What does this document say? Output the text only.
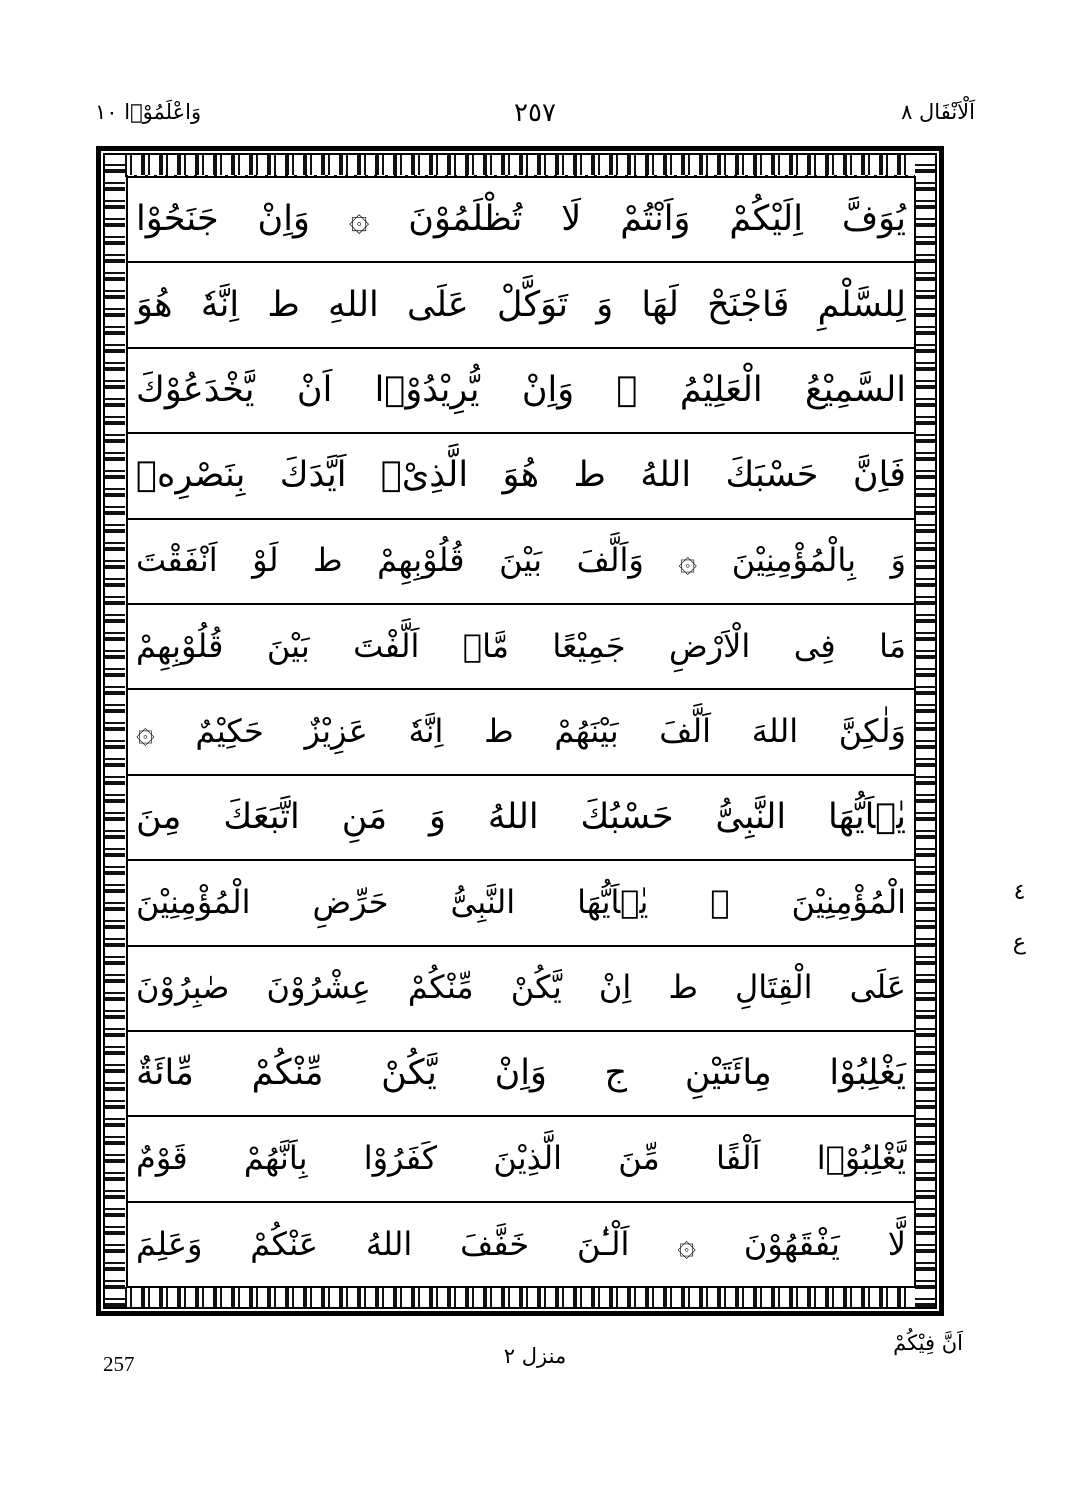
اَلْاَنْفَال ٨
٢٥٧
وَاعْلَمُوْۤا ١٠
يُوَفَّ اِلَيْكُمْ وَاَنْتُمْ لَا تُظْلَمُوْنَ ۞ وَاِنْ جَنَحُوْا
لِلسَّلْمِ فَاجْنَحْ لَهَا وَ تَوَكَّلْ عَلَى اللهِ ط اِنَّهٗ هُوَ
السَّمِيْعُ الْعَلِيْمُ ۞ وَاِنْ يُّرِيْدُوْۤا اَنْ يَّخْدَعُوْكَ
فَاِنَّ حَسْبَكَ اللهُ ط هُوَ الَّذِىْۤ اَيَّدَكَ بِنَصْرِهٖ
وَ بِالْمُؤْمِنِيْنَ ۞ وَاَلَّفَ بَيْنَ قُلُوْبِهِمْ ط لَوْ اَنْفَقْتَ
مَا فِى الْاَرْضِ جَمِيْعًا مَّاۤ اَلَّفْتَ بَيْنَ قُلُوْبِهِمْ
وَلٰكِنَّ اللهَ اَلَّفَ بَيْنَهُمْ ط اِنَّهٗ عَزِيْزٌ حَكِيْمٌ ۞
يٰۤاَيُّهَا النَّبِىُّ حَسْبُكَ اللهُ وَ مَنِ اتَّبَعَكَ مِنَ
الْمُؤْمِنِيْنَ ۞ يٰۤاَيُّهَا النَّبِىُّ حَرِّضِ الْمُؤْمِنِيْنَ
عَلَى الْقِتَالِ ط اِنْ يَّكُنْ مِّنْكُمْ عِشْرُوْنَ صٰبِرُوْنَ
يَغْلِبُوْا مِائَتَيْنِ ج وَاِنْ يَّكُنْ مِّنْكُمْ مِّائَةٌ
يَّغْلِبُوْۤا اَلْفًا مِّنَ الَّذِيْنَ كَفَرُوْا بِاَنَّهُمْ قَوْمٌ
لَّا يَفْقَهُوْنَ ۞ اَلْـٰٔنَ خَفَّفَ اللهُ عَنْكُمْ وَعَلِمَ
ع ٤
اَنَّ فِيْكُمْ
منزل ٢
257
